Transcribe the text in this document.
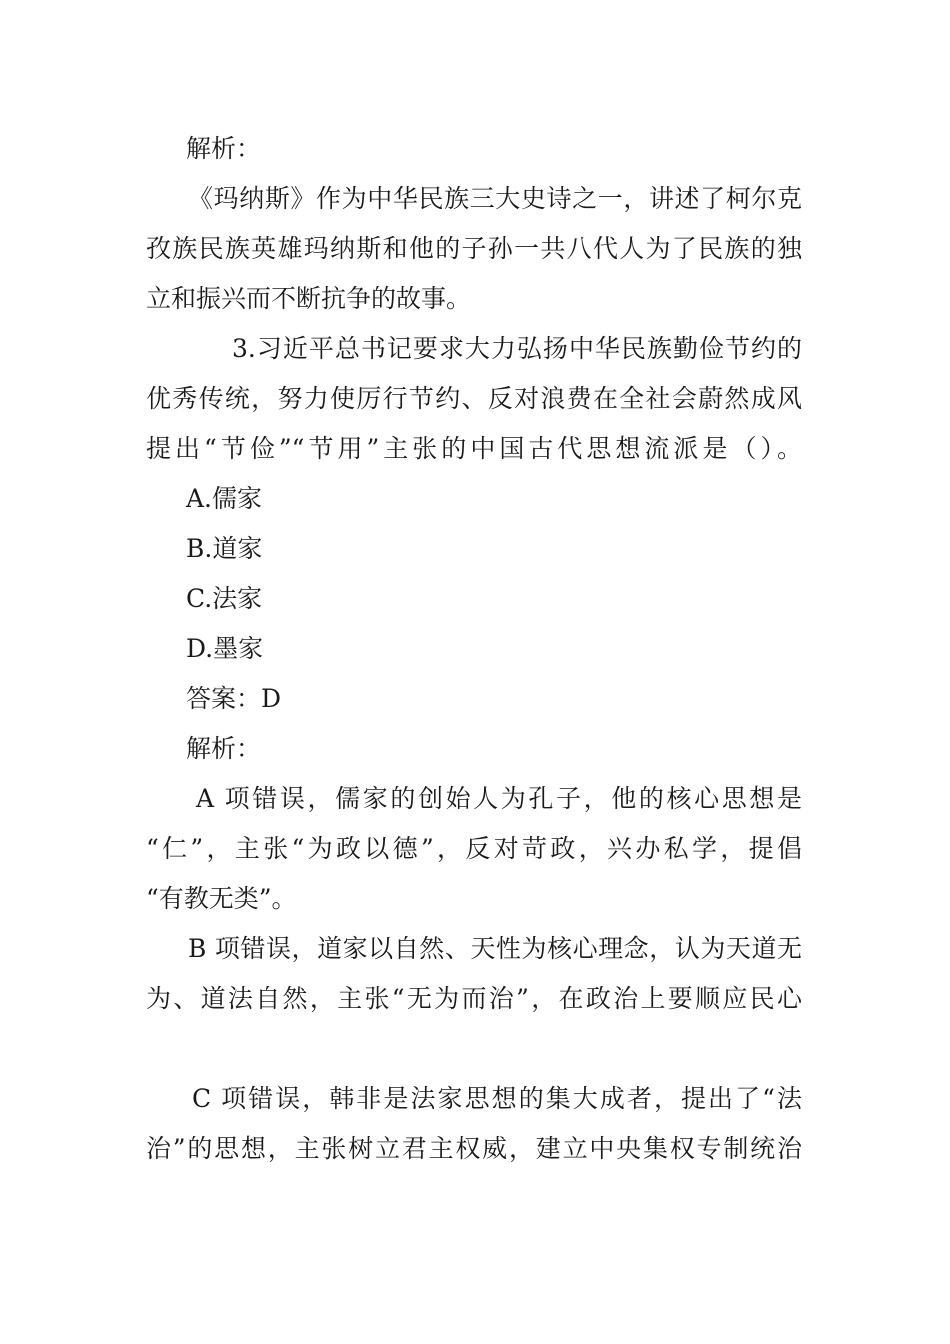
解析：
《玛纳斯》作为中华民族三大史诗之一，讲述了柯尔克
孜族民族英雄玛纳斯和他的子孙一共八代人为了民族的独
立和振兴而不断抗争的故事。
3.习近平总书记要求大力弘扬中华民族勤俭节约的
优秀传统，努力使厉行节约、反对浪费在全社会蔚然成风
提出“节俭”“节用”主张的中国古代思想流派是（）。
A.儒家
B.道家
C.法家
D.墨家
答案：D
解析：
A 项错误，儒家的创始人为孔子，他的核心思想是
“仁”，主张“为政以德”，反对苛政，兴办私学，提倡
“有教无类”。
B 项错误，道家以自然、天性为核心理念，认为天道无
为、道法自然，主张“无为而治”，在政治上要顺应民心
C 项错误，韩非是法家思想的集大成者，提出了“法
治”的思想，主张树立君主权威，建立中央集权专制统治
